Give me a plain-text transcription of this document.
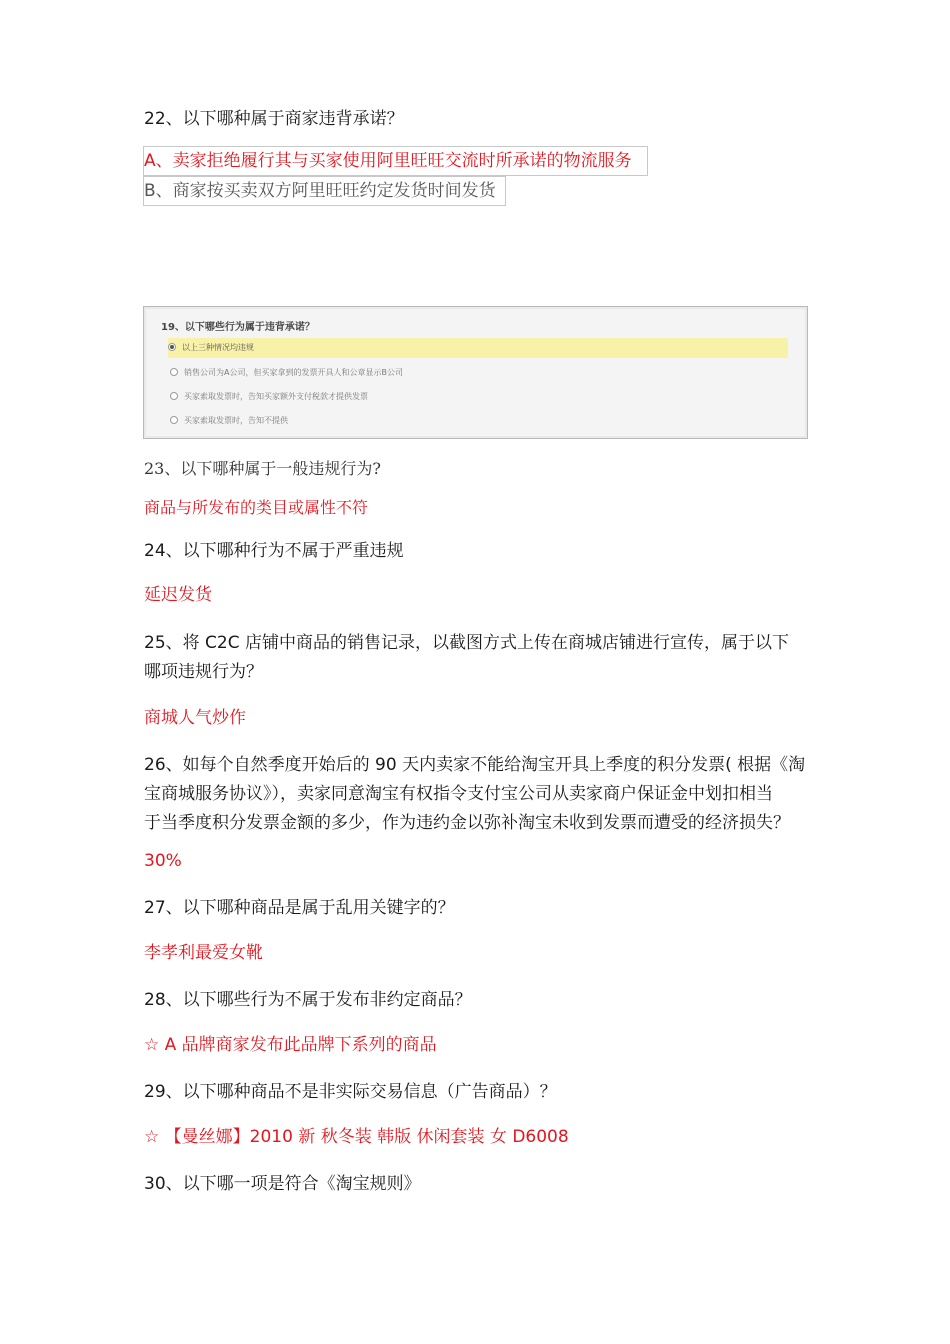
22、以下哪种属于商家违背承诺？
A、卖家拒绝履行其与买家使用阿里旺旺交流时所承诺的物流服务
B、商家按买卖双方阿里旺旺约定发货时间发货
19、以下哪些行为属于违背承诺？
以上三种情况均违规
销售公司为A公司，但买家拿到的发票开具人和公章显示B公司
买家索取发票时，告知买家额外支付税款才提供发票
买家索取发票时，告知不提供
23、以下哪种属于一般违规行为?
商品与所发布的类目或属性不符
24、以下哪种行为不属于严重违规
延迟发货
25、将 C2C 店铺中商品的销售记录，以截图方式上传在商城店铺进行宣传，属于以下
哪项违规行为？
商城人气炒作
26、如每个自然季度开始后的 90 天内卖家不能给淘宝开具上季度的积分发票( 根据《淘
宝商城服务协议》），卖家同意淘宝有权指令支付宝公司从卖家商户保证金中划扣相当
于当季度积分发票金额的多少，作为违约金以弥补淘宝未收到发票而遭受的经济损失？
30%
27、以下哪种商品是属于乱用关键字的？
李孝利最爱女靴
28、以下哪些行为不属于发布非约定商品？
☆ A 品牌商家发布此品牌下系列的商品
29、以下哪种商品不是非实际交易信息（广告商品）？
☆ 【曼丝娜】2010 新 秋冬装 韩版 休闲套装 女 D6008
30、以下哪一项是符合《淘宝规则》
